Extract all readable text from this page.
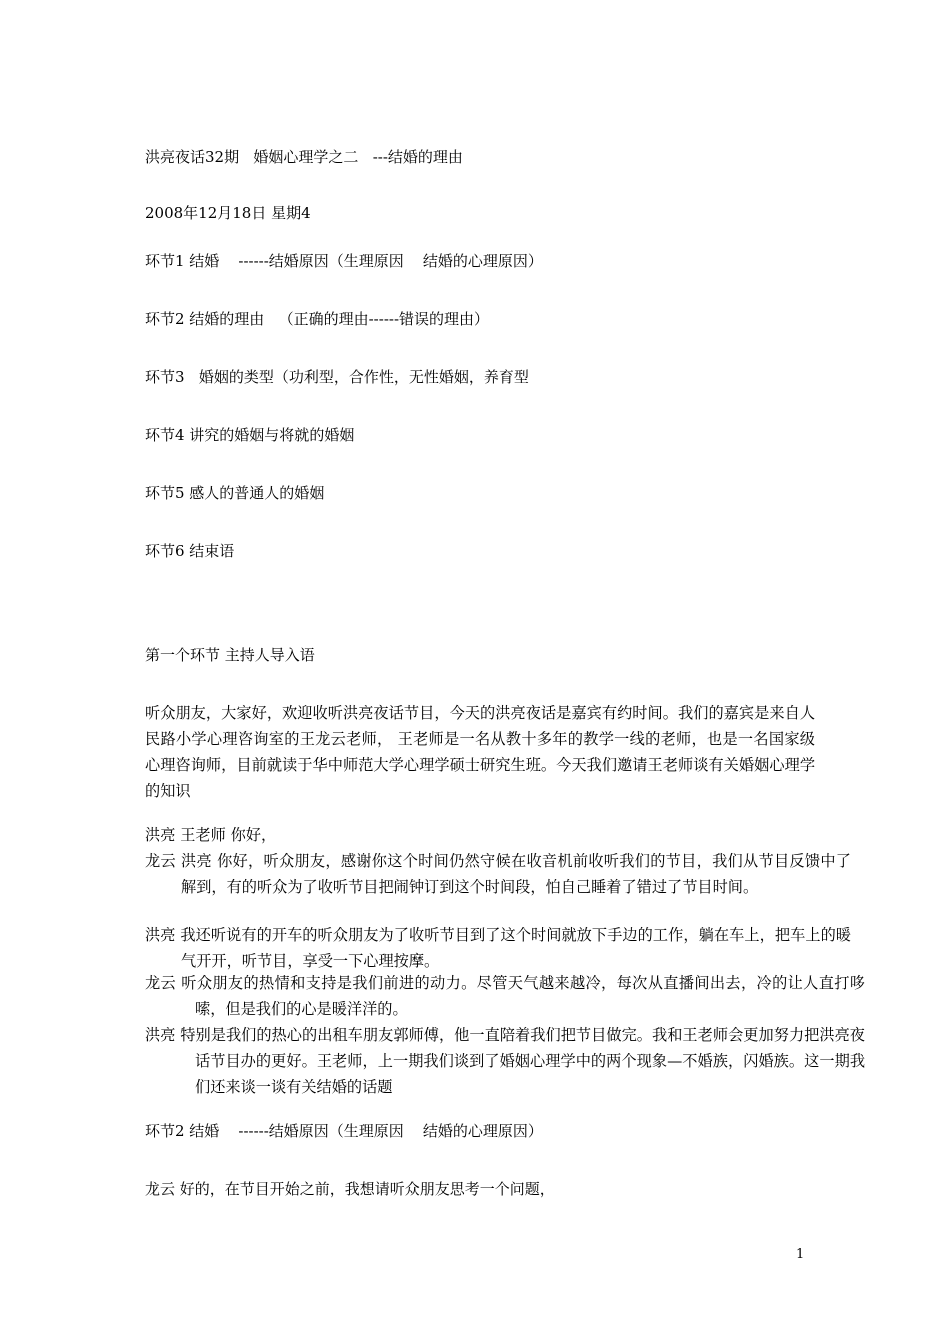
洪亮夜话32期   婚姻心理学之二   ---结婚的理由

2008年12月18日 星期4

环节1 结婚    ------结婚原因（生理原因    结婚的心理原因）

环节2 结婚的理由   （正确的理由------错误的理由）

环节3   婚姻的类型（功利型，合作性，无性婚姻，养育型

环节4 讲究的婚姻与将就的婚姻

环节5 感人的普通人的婚姻

环节6 结束语

第一个环节 主持人导入语

听众朋友，大家好，欢迎收听洪亮夜话节目，今天的洪亮夜话是嘉宾有约时间。我们的嘉宾是来自人民路小学心理咨询室的王龙云老师， 王老师是一名从教十多年的教学一线的老师，也是一名国家级心理咨询师，目前就读于华中师范大学心理学硕士研究生班。今天我们邀请王老师谈有关婚姻心理学的知识

洪亮 王老师 你好，

龙云 洪亮 你好，听众朋友，感谢你这个时间仍然守候在收音机前收听我们的节目，我们从节目反馈中了解到，有的听众为了收听节目把闹钟订到这个时间段，怕自己睡着了错过了节目时间。

洪亮 我还听说有的开车的听众朋友为了收听节目到了这个时间就放下手边的工作，躺在车上，把车上的暖气开开，听节目，享受一下心理按摩。

龙云 听众朋友的热情和支持是我们前进的动力。尽管天气越来越冷，每次从直播间出去，冷的让人直打哆嗦，但是我们的心是暖洋洋的。

洪亮 特别是我们的热心的出租车朋友郭师傅，他一直陪着我们把节目做完。我和王老师会更加努力把洪亮夜话节目办的更好。王老师，上一期我们谈到了婚姻心理学中的两个现象—不婚族，闪婚族。这一期我们还来谈一谈有关结婚的话题

环节2 结婚    ------结婚原因（生理原因    结婚的心理原因）

龙云 好的，在节目开始之前，我想请听众朋友思考一个问题，

1
